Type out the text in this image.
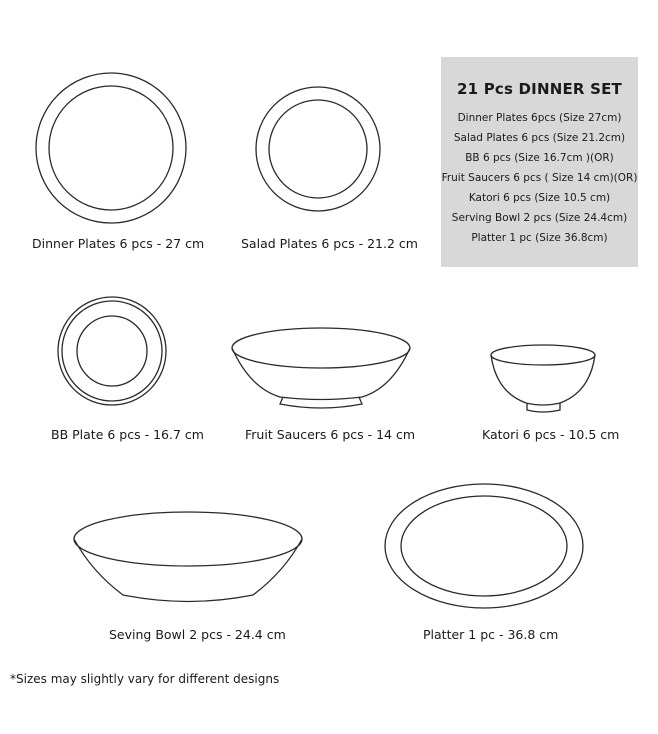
Dinner Plates 6 pcs - 27 cm	Salad Plates 6 pcs - 21.2 cm
BB Plate 6 pcs - 16.7 cm	Fruit Saucers 6 pcs - 14 cm	Katori 6 pcs - 10.5 cm
Seving Bowl 2 pcs - 24.4 cm	Platter 1 pc - 36.8 cm
21 Pcs DINNER SET
Dinner Plates 6pcs (Size 27cm)
Salad Plates 6 pcs (Size 21.2cm)
BB 6 pcs (Size 16.7cm )(OR)
Fruit Saucers 6 pcs ( Size 14 cm)(OR)
Katori 6 pcs (Size 10.5 cm)
Serving Bowl 2 pcs (Size 24.4cm)
Platter 1 pc (Size 36.8cm)
*Sizes may slightly vary for different designs
